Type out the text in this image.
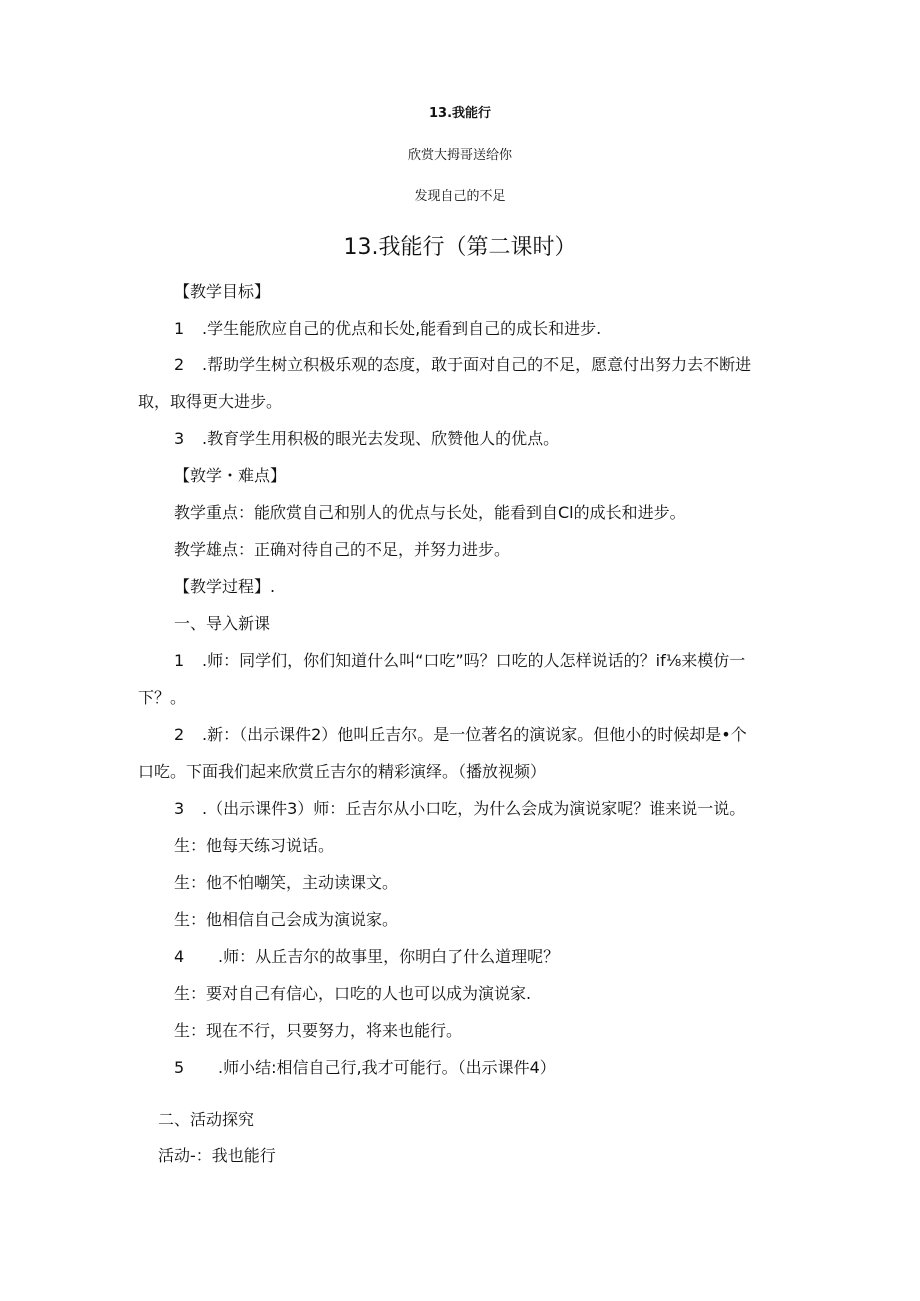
13.我能行
欣赏大拇哥送给你
发现自己的不足
13.我能行（第二课时）
【教学目标】
1 .学生能欣应自己的优点和长处,能看到自己的成长和进步.
2 .帮助学生树立积极乐观的态度，敢于面对自己的不足，愿意付出努力去不断进
取，取得更大进步。
3 .教育学生用积极的眼光去发现、欣赞他人的优点。
【敦学・难点】
教学重点：能欣赏自己和别人的优点与长处，能看到自Cl的成长和进步。
教学雄点：正确对待自己的不足，并努力进步。
【教学过程】.
一、导入新课
1 .师：同学们，你们知道什么叫“口吃”吗？口吃的人怎样说话的？if⅛来模仿一
下？。
2 .新：（出示课件2）他叫丘吉尔。是一位著名的演说家。但他小的时候却是•个
口吃。下面我们起来欣赏丘吉尔的精彩演绎。（播放视频）
3 .（出示课件3）师：丘吉尔从小口吃，为什么会成为演说家呢？谁来说一说。
生：他每天练习说话。
生：他不怕嘲笑，主动读课文。
生：他相信自己会成为演说家。
4 .师：从丘吉尔的故事里，你明白了什么道理呢？
生：要对自己有信心，口吃的人也可以成为演说家.
生：现在不行，只要努力，将来也能行。
5 .师小结:相信自己行,我才可能行。（出示课件4）
二、活动探究
活动-：我也能行
